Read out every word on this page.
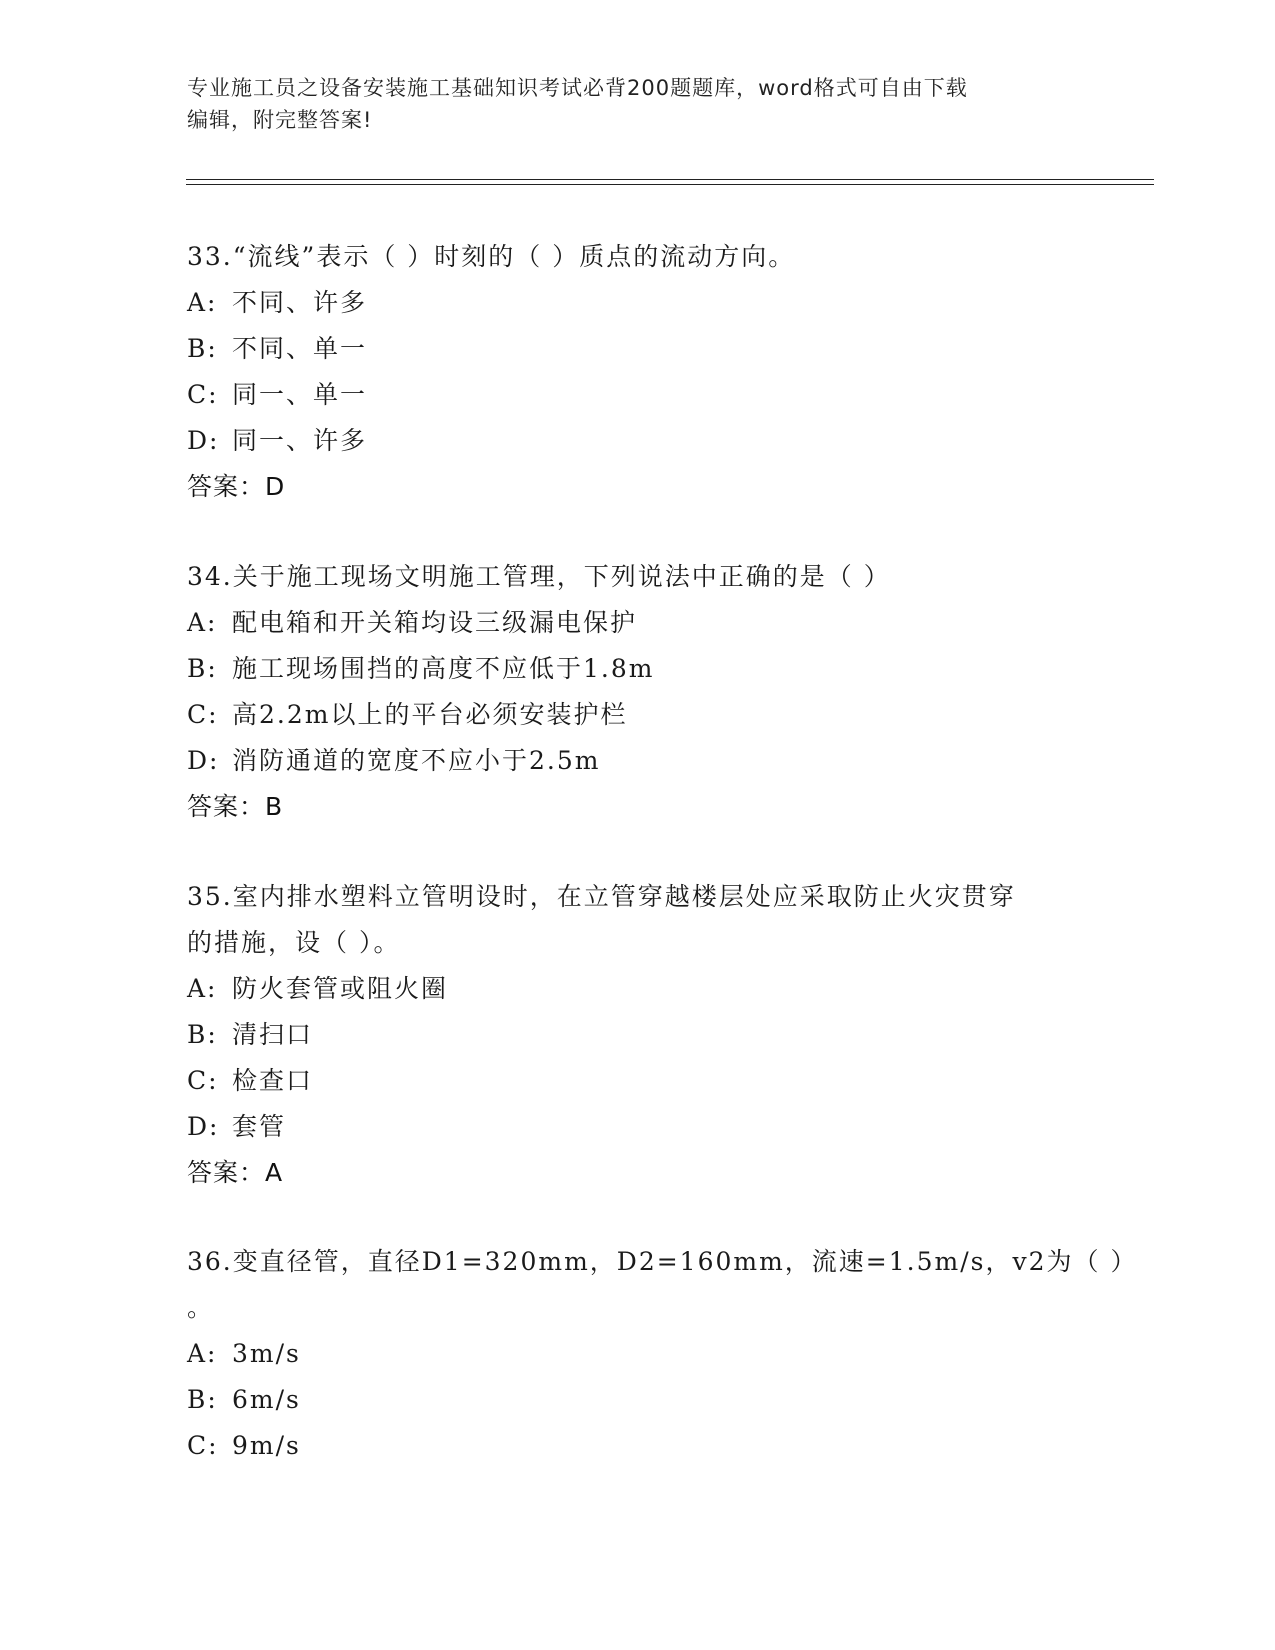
专业施工员之设备安装施工基础知识考试必背200题题库，word格式可自由下载
编辑，附完整答案!
33.“流线”表示（ ）时刻的（ ）质点的流动方向。
A: 不同、许多
B: 不同、单一
C: 同一、单一
D: 同一、许多
答案：D
34.关于施工现场文明施工管理，下列说法中正确的是（ ）
A: 配电箱和开关箱均设三级漏电保护
B: 施工现场围挡的高度不应低于1.8m
C: 高2.2m以上的平台必须安装护栏
D: 消防通道的宽度不应小于2.5m
答案：B
35.室内排水塑料立管明设时，在立管穿越楼层处应采取防止火灾贯穿
的措施，设（ ）。
A: 防火套管或阻火圈
B: 清扫口
C: 检查口
D: 套管
答案：A
36.变直径管，直径D1=320mm，D2=160mm，流速=1.5m/s，v2为（ ）
。
A: 3m/s
B: 6m/s
C: 9m/s
